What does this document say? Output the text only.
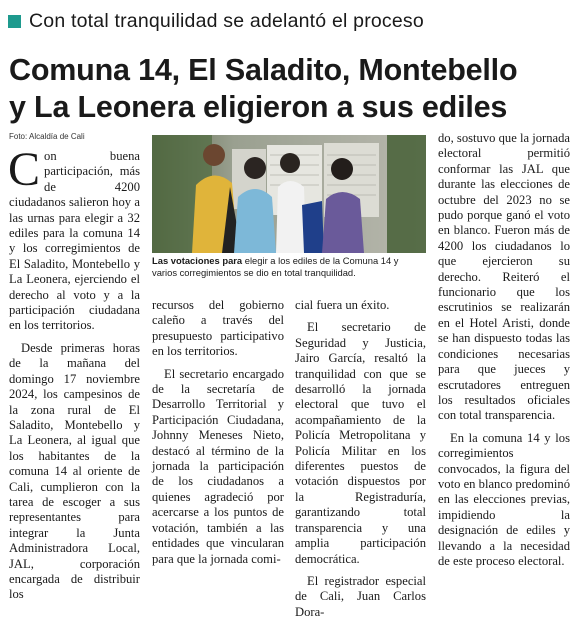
Con total tranquilidad se adelantó el proceso
Comuna 14, El Saladito, Montebello
y La Leonera eligieron a sus ediles
Foto: Alcaldía de Cali

Con buena participación, más de 4200 ciudadanos salieron hoy a las urnas para elegir a 32 ediles para la comuna 14 y los corregimientos de El Saladito, Montebello y La Leonera, ejerciendo el derecho al voto y a la participación ciudadana en los territorios.

Desde primeras horas de la mañana del domingo 17 noviembre 2024, los campesinos de la zona rural de El Saladito, Montebello y La Leonera, al igual que los habitantes de la comuna 14 al oriente de Cali, cumplieron con la tarea de escoger a sus representantes para integrar la Junta Administradora Local, JAL, corporación encargada de distribuir los

Las votaciones para elegir a los ediles de la Comuna 14 y varios corregimientos se dio en total tranquilidad.

recursos del gobierno caleño a través del presupuesto participativo en los territorios.

El secretario encargado de la secretaría de Desarrollo Territorial y Participación Ciudadana, Johnny Meneses Nieto, destacó al término de la jornada la participación de los ciudadanos a quienes agradeció por acercarse a los puntos de votación, también a las entidades que vincularan para que la jornada comi-

cial fuera un éxito.

El secretario de Seguridad y Justicia, Jairo García, resaltó la tranquilidad con que se desarrolló la jornada electoral que tuvo el acompañamiento de la Policía Metropolitana y Policía Militar en los diferentes puestos de votación dispuestos por la Registraduría, garantizando total transparencia y una amplia participación democrática.

El registrador especial de Cali, Juan Carlos Dora-

do, sostuvo que la jornada electoral permitió conformar las JAL que durante las elecciones de octubre del 2023 no se pudo porque ganó el voto en blanco. Fueron más de 4200 los ciudadanos lo que ejercieron su derecho. Reiteró el funcionario que los escrutinios se realizarán en el Hotel Aristi, donde se han dispuesto todas las condiciones necesarias para que jueces y escrutadores entreguen los resultados oficiales con total transparencia.

En la comuna 14 y los corregimientos convocados, la figura del voto en blanco predominó en las elecciones previas, impidiendo la designación de ediles y llevando a la necesidad de este proceso electoral.
